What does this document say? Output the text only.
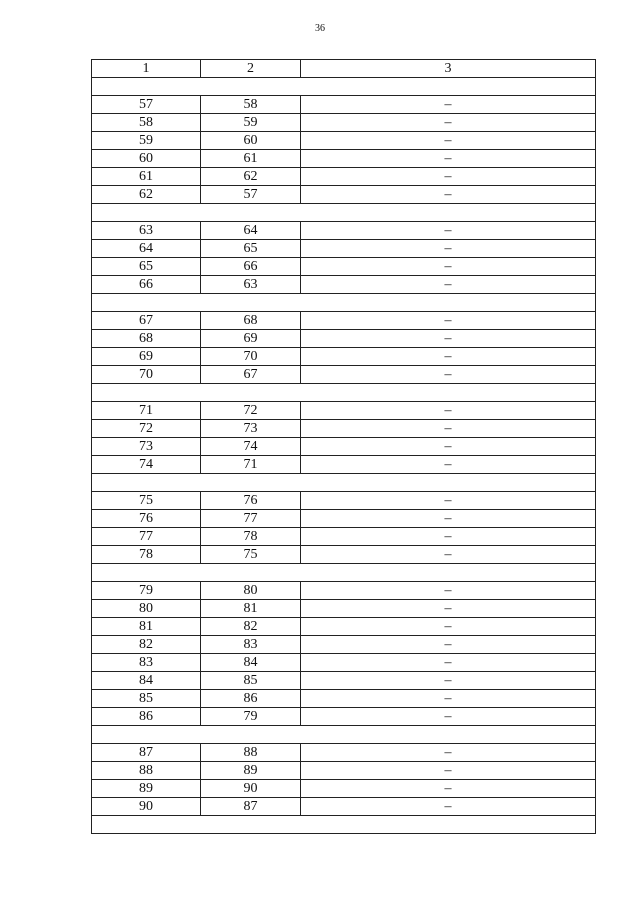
36
1	2	3

57	58	–
58	59	–
59	60	–
60	61	–
61	62	–
62	57	–

63	64	–
64	65	–
65	66	–
66	63	–

67	68	–
68	69	–
69	70	–
70	67	–

71	72	–
72	73	–
73	74	–
74	71	–

75	76	–
76	77	–
77	78	–
78	75	–

79	80	–
80	81	–
81	82	–
82	83	–
83	84	–
84	85	–
85	86	–
86	79	–

87	88	–
88	89	–
89	90	–
90	87	–
